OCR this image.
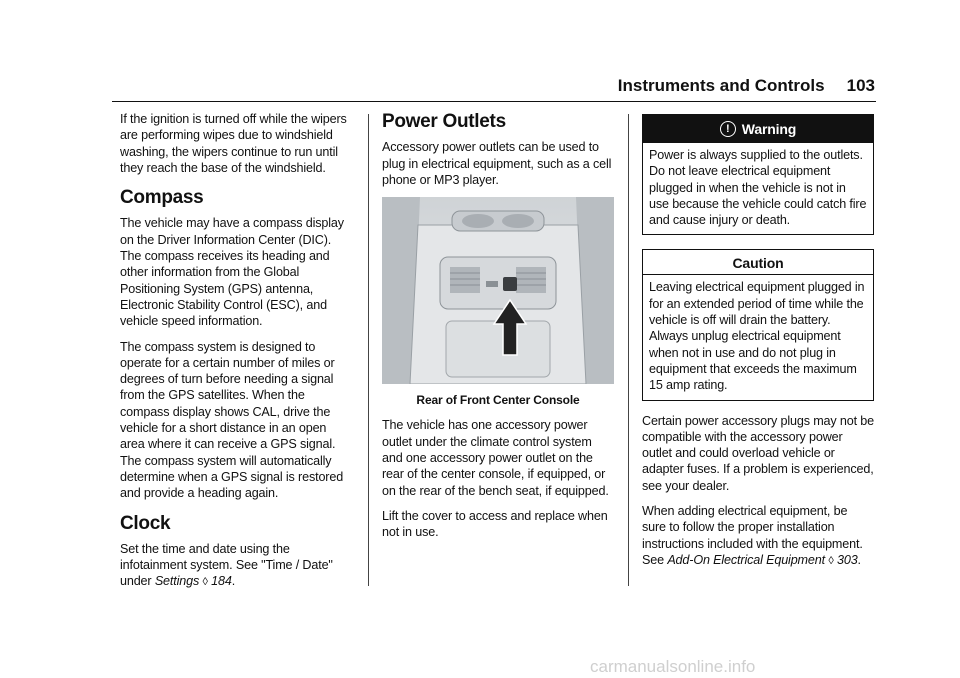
Instruments and Controls 103

If the ignition is turned off while the wipers are performing wipes due to windshield washing, the wipers continue to run until they reach the base of the windshield.

Compass

The vehicle may have a compass display on the Driver Information Center (DIC). The compass receives its heading and other information from the Global Positioning System (GPS) antenna, Electronic Stability Control (ESC), and vehicle speed information.

The compass system is designed to operate for a certain number of miles or degrees of turn before needing a signal from the GPS satellites. When the compass display shows CAL, drive the vehicle for a short distance in an open area where it can receive a GPS signal. The compass system will automatically determine when a GPS signal is restored and provide a heading again.

Clock

Set the time and date using the infotainment system. See "Time / Date" under Settings ◊ 184.

Power Outlets

Accessory power outlets can be used to plug in electrical equipment, such as a cell phone or MP3 player.

Rear of Front Center Console

The vehicle has one accessory power outlet under the climate control system and one accessory power outlet on the rear of the center console, if equipped, or on the rear of the bench seat, if equipped.

Lift the cover to access and replace when not in use.

! Warning
Power is always supplied to the outlets. Do not leave electrical equipment plugged in when the vehicle is not in use because the vehicle could catch fire and cause injury or death.
Caution
Leaving electrical equipment plugged in for an extended period of time while the vehicle is off will drain the battery. Always unplug electrical equipment when not in use and do not plug in equipment that exceeds the maximum 15 amp rating.

Certain power accessory plugs may not be compatible with the accessory power outlet and could overload vehicle or adapter fuses. If a problem is experienced, see your dealer.

When adding electrical equipment, be sure to follow the proper installation instructions included with the equipment. See Add-On Electrical Equipment ◊ 303.

carmanualsonline.info
